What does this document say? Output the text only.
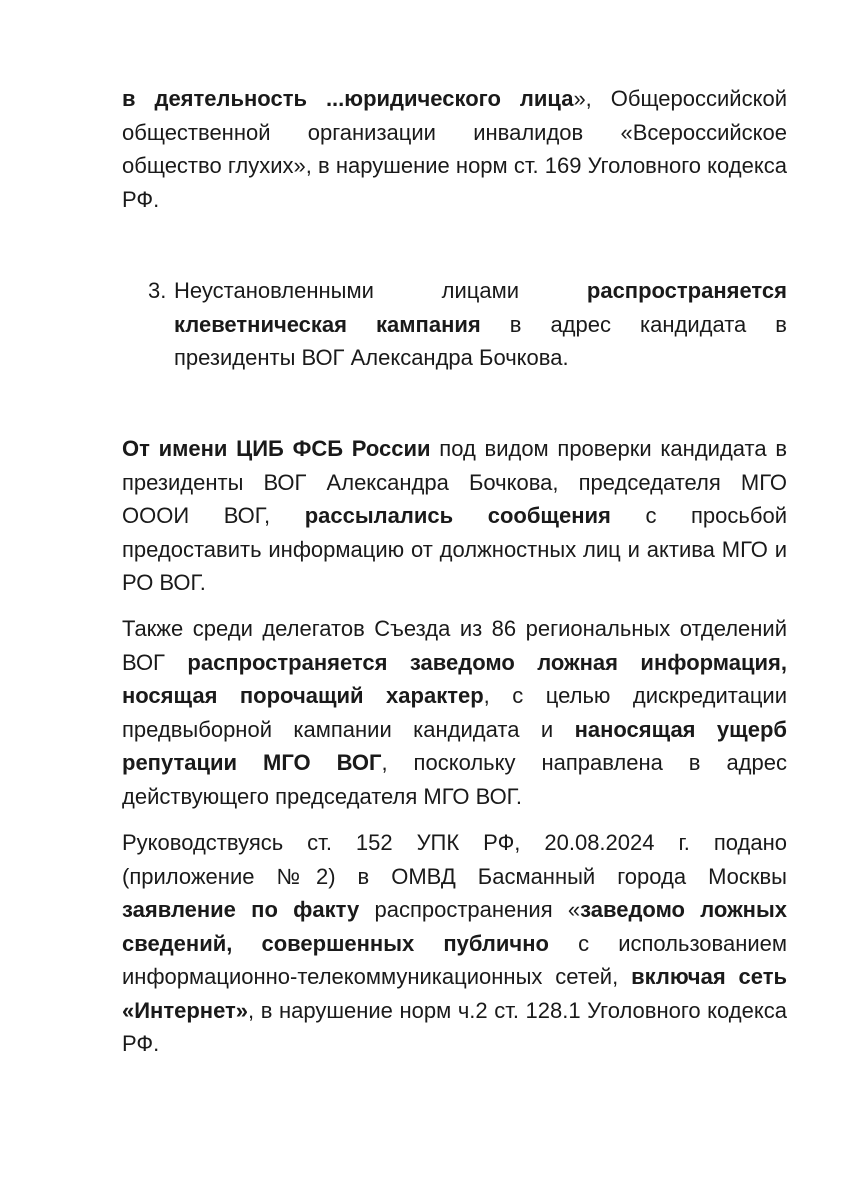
в деятельность ...юридического лица», Общероссийской общественной организации инвалидов «Всероссийское общество глухих», в нарушение норм ст. 169 Уголовного кодекса РФ.

3. Неустановленными лицами распространяется клеветническая кампания в адрес кандидата в президенты ВОГ Александра Бочкова.

От имени ЦИБ ФСБ России под видом проверки кандидата в президенты ВОГ Александра Бочкова, председателя МГО ОООИ ВОГ, рассылались сообщения с просьбой предоставить информацию от должностных лиц и актива МГО и РО ВОГ.

Также среди делегатов Съезда из 86 региональных отделений ВОГ распространяется заведомо ложная информация, носящая порочащий характер, с целью дискредитации предвыборной кампании кандидата и наносящая ущерб репутации МГО ВОГ, поскольку направлена в адрес действующего председателя МГО ВОГ.

Руководствуясь ст. 152 УПК РФ, 20.08.2024 г. подано (приложение №2) в ОМВД Басманный города Москвы заявление по факту распространения «заведомо ложных сведений, совершенных публично с использованием информационно-телекоммуникационных сетей, включая сеть «Интернет», в нарушение норм ч.2 ст. 128.1 Уголовного кодекса РФ.
